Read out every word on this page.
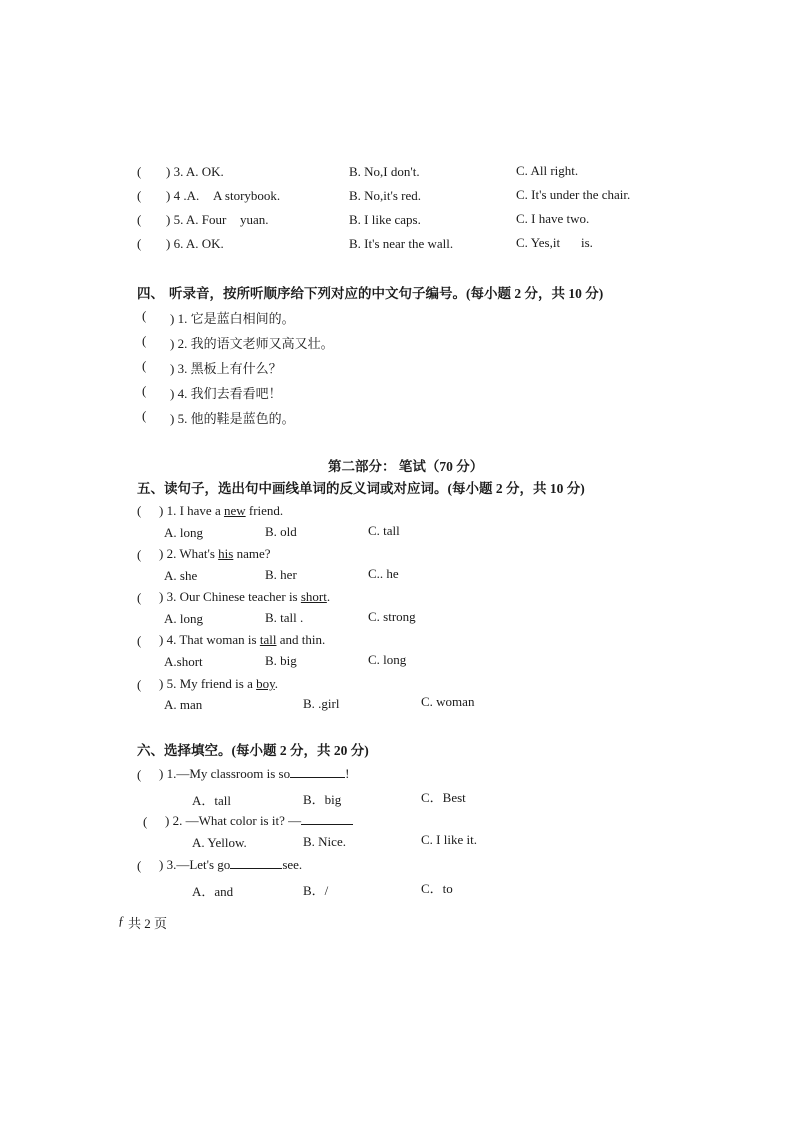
( ) 3. A. OK.	B. No,I don't.	C. All right.
( ) 4 .A. A storybook.	B. No,it's red.	C. It's under the chair.
( ) 5. A. Four yuan.	B. I like caps.	C. I have two.
( ) 6. A. OK.	B. It's near the wall.	C. Yes,it is.
四、 听录音，按所听顺序给下列对应的中文句子编号。(每小题 2 分，共 10 分)
( ) 1. 它是蓝白相间的。
( ) 2. 我的语文老师又高又壮。
( ) 3. 黑板上有什么？
( ) 4. 我们去看看吧！
( ) 5. 他的鞋是蓝色的。
第二部分： 笔试（70 分）
五、读句子，选出句中画线单词的反义词或对应词。(每小题 2 分，共 10 分)
( ) 1. I have a new friend.
A. long	B. old	C. tall
( ) 2. What's his name?
A. she	B. her	C.. he
( ) 3. Our Chinese teacher is short.
A. long	B. tall .	C. strong
( ) 4. That woman is tall and thin.
A.short	B. big	C. long
( ) 5. My friend is a boy.
A. man	B. .girl	C. woman
六、选择填空。(每小题 2 分，共 20 分)
( ) 1.—My classroom is so	!
A．tall	B．big	C．Best
( ) 2. —What color is it? —
A. Yellow.	B. Nice.	C. I like it.
( ) 3.—Let's go	see.
A．and	B．/	C．to
ƒ 共 2 页
